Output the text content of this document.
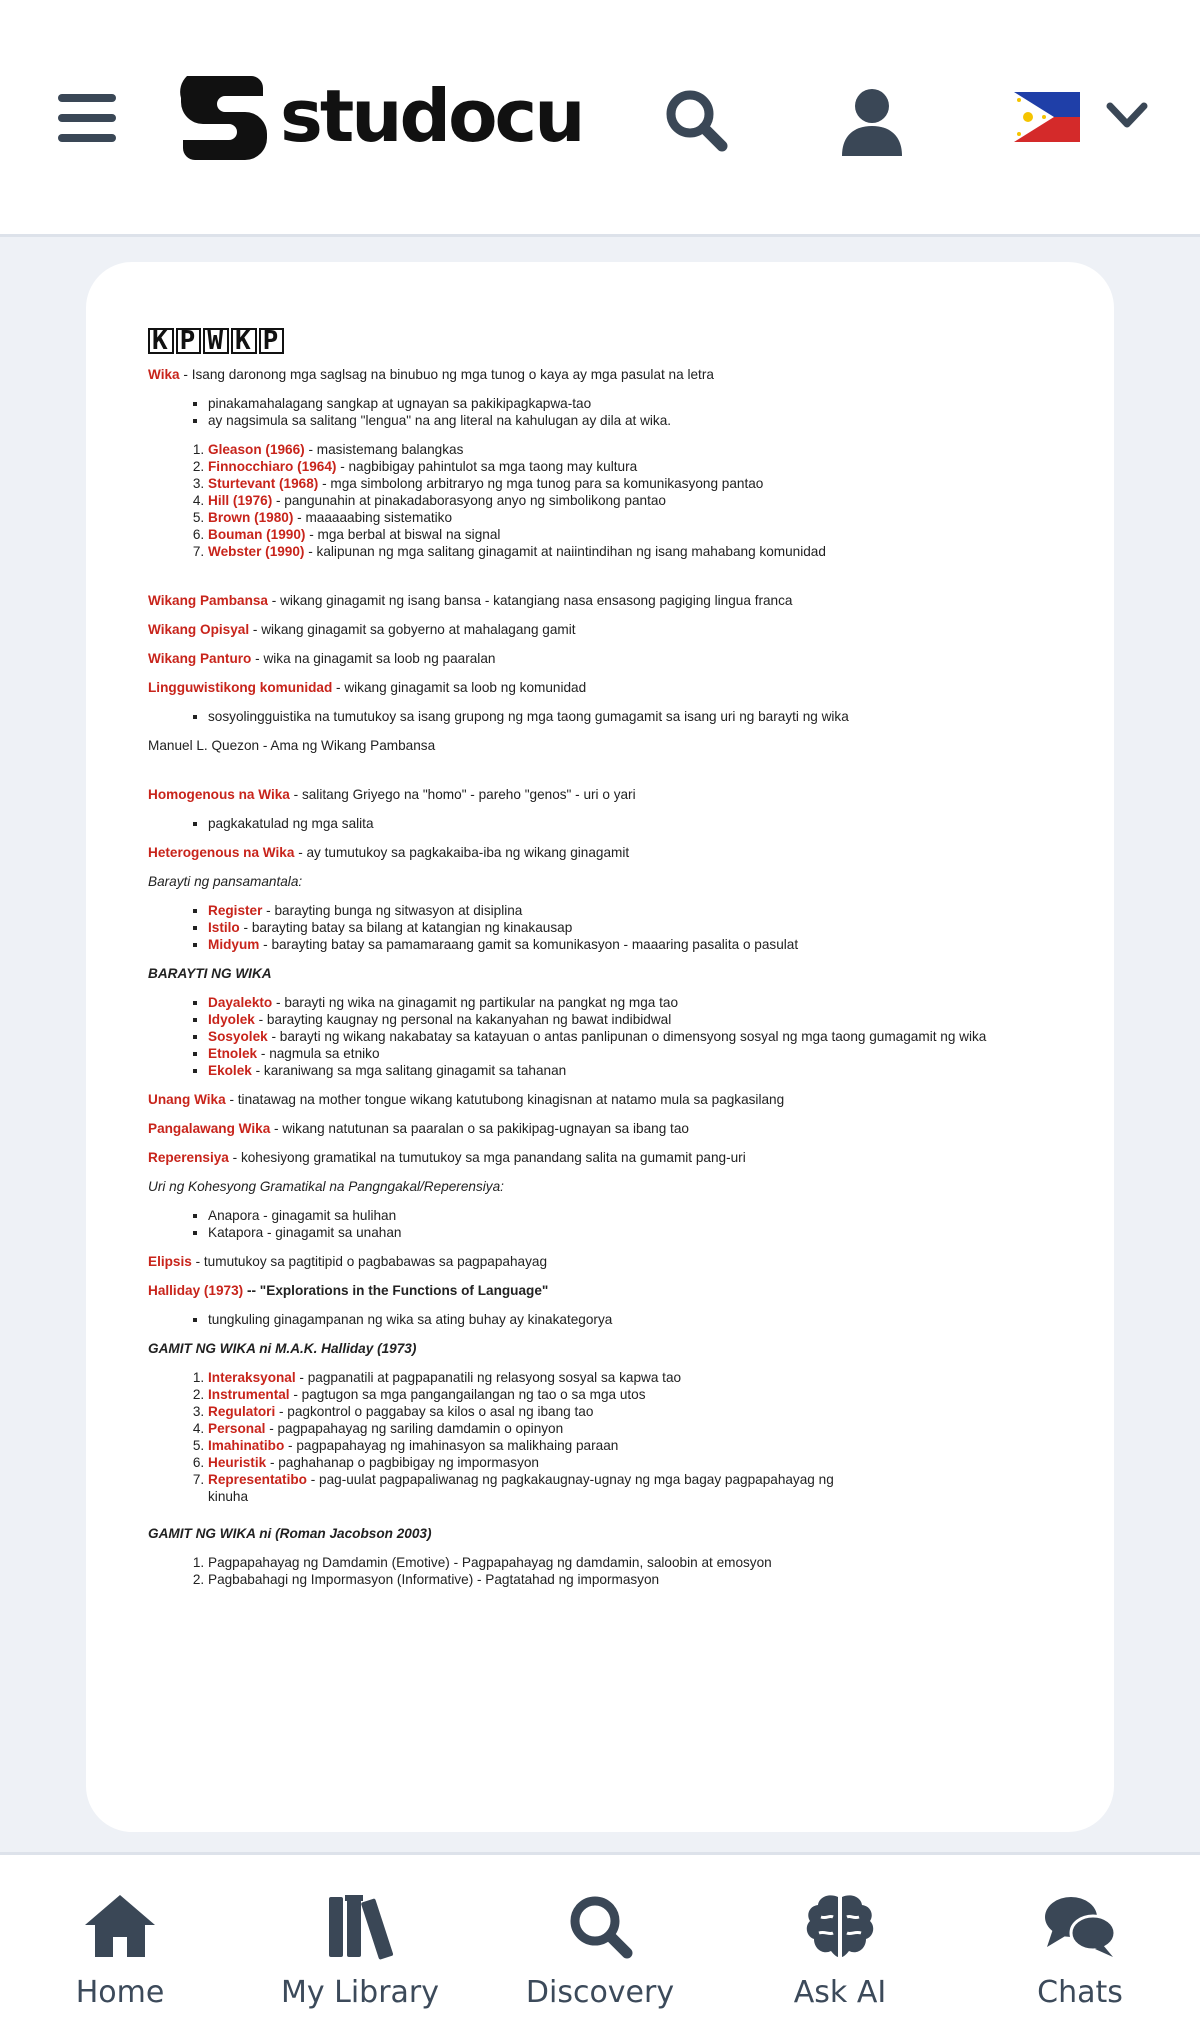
studocu
K P W K P

Wika - Isang daronong mga saglsag na binubuo ng mga tunog o kaya ay mga pasulat na letra

▪ pinakamahalagang sangkap at ugnayan sa pakikipagkapwa-tao
▪ ay nagsimula sa salitang "lengua" na ang literal na kahulugan ay dila at wika.
1. Gleason (1966) - masistemang balangkas
2. Finnocchiaro (1964) - nagbibigay pahintulot sa mga taong may kultura
3. Sturtevant (1968) - mga simbolong arbitraryo ng mga tunog para sa komunikasyong pantao
4. Hill (1976) - pangunahin at pinakadaborasyong anyo ng simbolikong pantao
5. Brown (1980) - maaaaabing sistematiko
6. Bouman (1990) - mga berbal at biswal na signal
7. Webster (1990) - kalipunan ng mga salitang ginagamit at naiintindihan ng isang mahabang komunidad

Wikang Pambansa - wikang ginagamit ng isang bansa - katangiang nasa ensasong pagiging lingua franca

Wikang Opisyal - wikang ginagamit sa gobyerno at mahalagang gamit

Wikang Panturo - wika na ginagamit sa loob ng paaralan

Lingguwistikong komunidad - wikang ginagamit sa loob ng komunidad

▪ sosyolingguistika na tumutukoy sa isang grupong ng mga taong gumagamit sa isang uri ng barayti ng wika

Manuel L. Quezon - Ama ng Wikang Pambansa

Homogenous na Wika - salitang Griyego na "homo" - pareho "genos" - uri o yari

▪ pagkakatulad ng mga salita

Heterogenous na Wika - ay tumutukoy sa pagkakaiba-iba ng wikang ginagamit

Barayti ng pansamantala:

▪ Register - barayting bunga ng sitwasyon at disiplina
▪ Istilo - barayting batay sa bilang at katangian ng kinakausap
▪ Midyum - barayting batay sa pamamaraang gamit sa komunikasyon - maaaring pasalita o pasulat

BARAYTI NG WIKA

▪ Dayalekto - barayti ng wika na ginagamit ng partikular na pangkat ng mga tao
▪ Idyolek - barayting kaugnay ng personal na kakanyahan ng bawat indibidwal
▪ Sosyolek - barayti ng wikang nakabatay sa katayuan o antas panlipunan o dimensyong sosyal ng mga taong gumagamit ng wika
▪ Etnolek - nagmula sa etniko
▪ Ekolek - karaniwang sa mga salitang ginagamit sa tahanan

Unang Wika - tinatawag na mother tongue wikang katutubong kinagisnan at natamo mula sa pagkasilang

Pangalawang Wika - wikang natutunan sa paaralan o sa pakikipag-ugnayan sa ibang tao

Reperensiya - kohesiyong gramatikal na tumutukoy sa mga panandang salita na gumamit pang-uri

Uri ng Kohesyong Gramatikal na Pangngakal/Reperensiya:

▪ Anapora - ginagamit sa hulihan
▪ Katapora - ginagamit sa unahan

Elipsis - tumutukoy sa pagtitipid o pagbabawas sa pagpapahayag

Halliday (1973) -- "Explorations in the Functions of Language"

▪ tungkuling ginagampanan ng wika sa ating buhay ay kinakategorya

GAMIT NG WIKA ni M.A.K. Halliday (1973)

1. Interaksyonal - pagpanatili at pagpapanatili ng relasyong sosyal sa kapwa tao
2. Instrumental - pagtugon sa mga pangangailangan ng tao o sa mga utos
3. Regulatori - pagkontrol o paggabay sa kilos o asal ng ibang tao
4. Personal - pagpapahayag ng sariling damdamin o opinyon
5. Imahinatibo - pagpapahayag ng imahinasyon sa malikhaing paraan
6. Heuristik - paghahanap o pagbibigay ng impormasyon
7. Representatibo - pag-uulat pagpapaliwanag ng pagkakaugnay-ugnay ng mga bagay pagpapahayag ng
kinuha

GAMIT NG WIKA ni (Roman Jacobson 2003)

1. Pagpapahayag ng Damdamin (Emotive) - Pagpapahayag ng damdamin, saloobin at emosyon
2. Pagbabahagi ng Impormasyon (Informative) - Pagtatahad ng impormasyon
Home	My Library	Discovery	Ask AI	Chats
